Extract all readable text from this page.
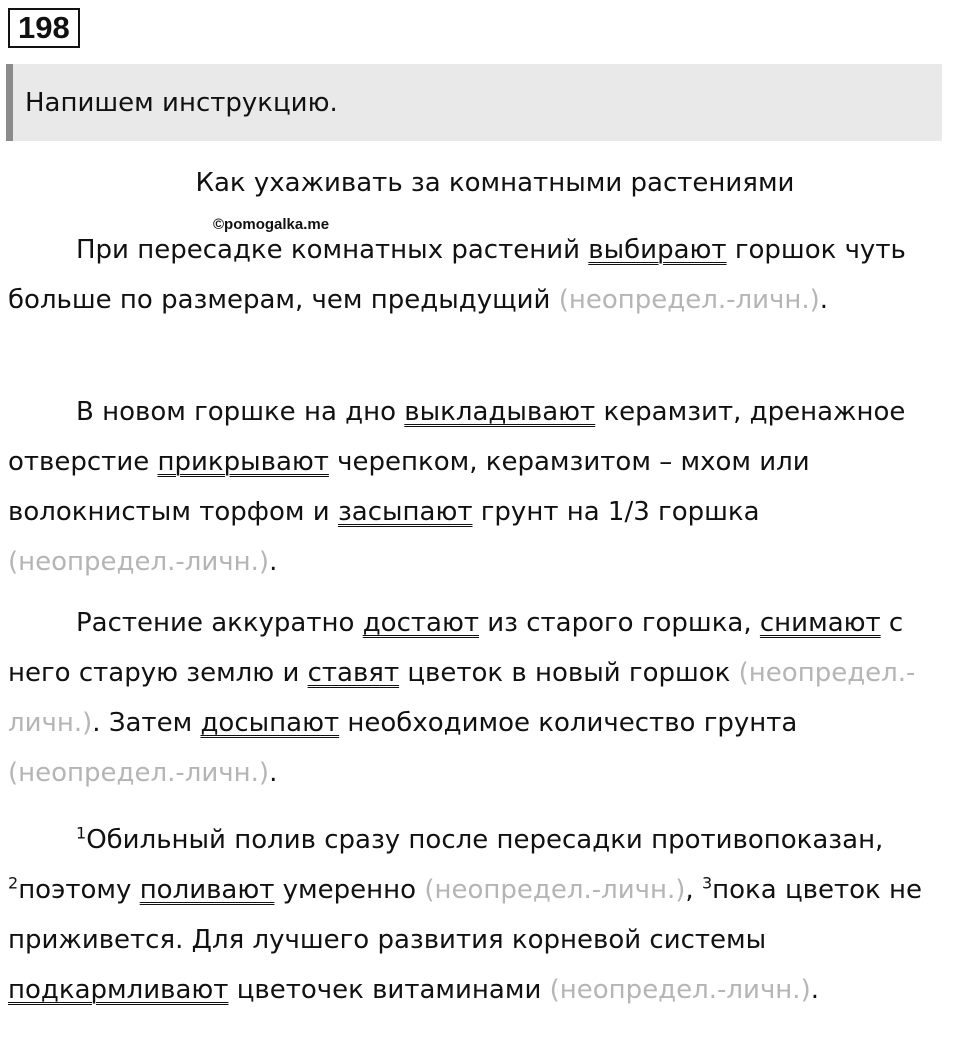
198
Напишем инструкцию.
Как ухаживать за комнатными растениями
©pomogalka.me

При пересадке комнатных растений выбирают горшок чуть больше по размерам, чем предыдущий (неопредел.-личн.).

В новом горшке на дно выкладывают керамзит, дренажное отверстие прикрывают черепком, керамзитом – мхом или волокнистым торфом и засыпают грунт на 1/3 горшка (неопредел.-личн.).

Растение аккуратно достают из старого горшка, снимают с него старую землю и ставят цветок в новый горшок (неопредел.-личн.). Затем досыпают необходимое количество грунта (неопредел.-личн.).

$^1$Обильный полив сразу после пересадки противопоказан, $^2$поэтому поливают умеренно (неопредел.-личн.), $^3$пока цветок не приживется. Для лучшего развития корневой системы подкармливают цветочек витаминами (неопредел.-личн.).
